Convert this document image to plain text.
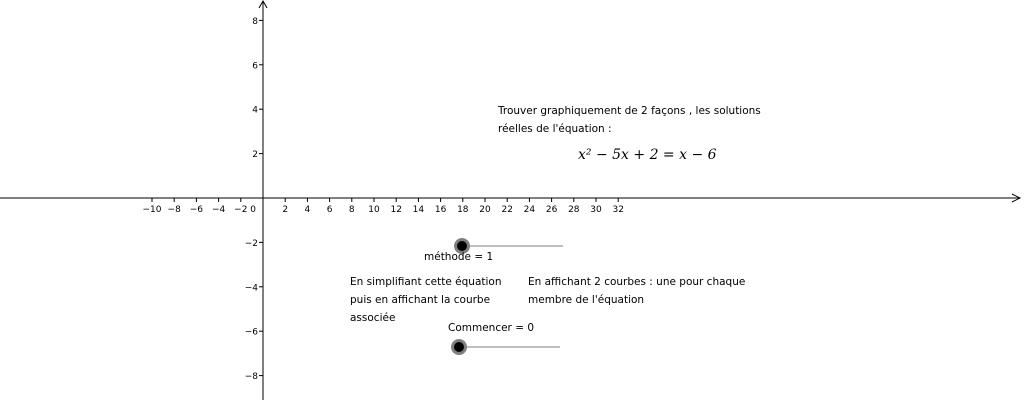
−10 −8 −6 −4 −2	2 4 6 8 10 12 14 16 18 20 22 24 26 28 30 32
0
8
6
4
2
−2
−4
−6
−8
Trouver graphiquement de 2 façons , les solutions
réelles de l'équation :
x² − 5x + 2 = x − 6
méthode = 1
En simplifiant cette équation
puis en affichant la courbe
associée
En affichant 2 courbes : une pour chaque
membre de l'équation
Commencer = 0
